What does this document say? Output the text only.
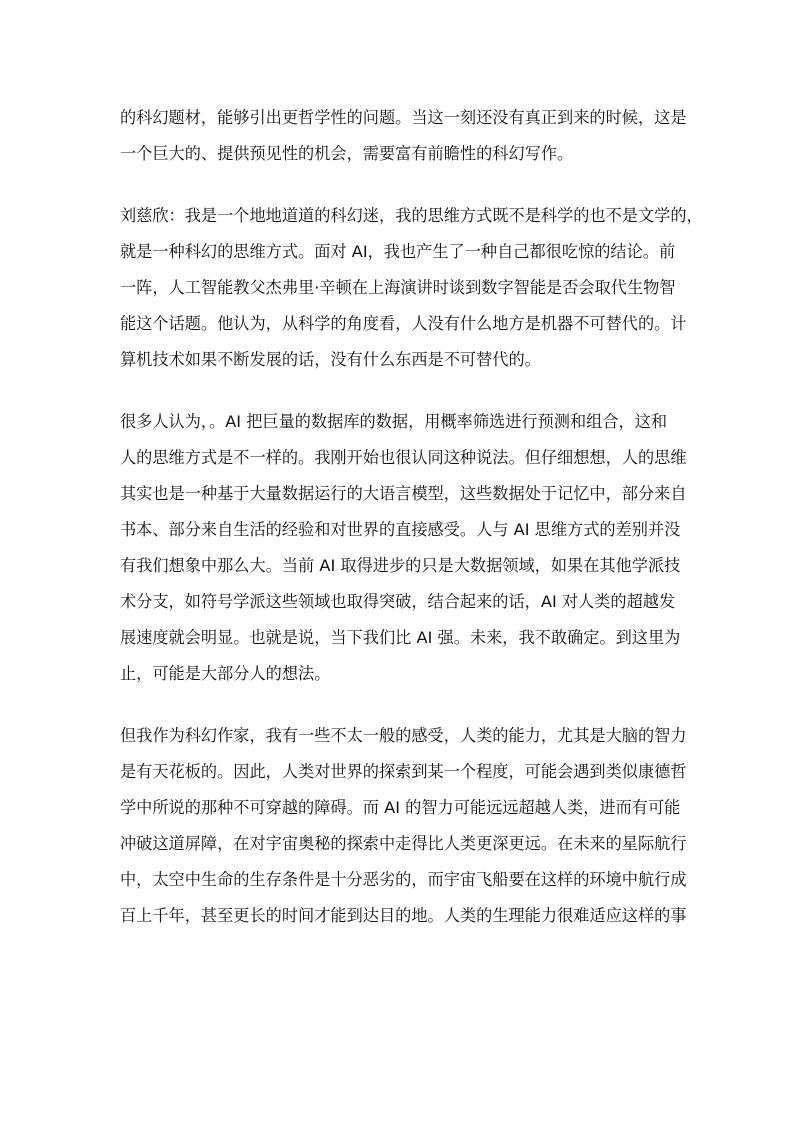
的科幻题材，能够引出更哲学性的问题。当这一刻还没有真正到来的时候，这是
一个巨大的、提供预见性的机会，需要富有前瞻性的科幻写作。
刘慈欣：我是一个地地道道的科幻迷，我的思维方式既不是科学的也不是文学的，
就是一种科幻的思维方式。面对 AI，我也产生了一种自己都很吃惊的结论。前
一阵，人工智能教父杰弗里·辛顿在上海演讲时谈到数字智能是否会取代生物智
能这个话题。他认为，从科学的角度看，人没有什么地方是机器不可替代的。计
算机技术如果不断发展的话，没有什么东西是不可替代的。
很多人认为，。AI 把巨量的数据库的数据，用概率筛选进行预测和组合，这和
人的思维方式是不一样的。我刚开始也很认同这种说法。但仔细想想，人的思维
其实也是一种基于大量数据运行的大语言模型，这些数据处于记忆中，部分来自
书本、部分来自生活的经验和对世界的直接感受。人与 AI 思维方式的差别并没
有我们想象中那么大。当前 AI 取得进步的只是大数据领域，如果在其他学派技
术分支，如符号学派这些领域也取得突破，结合起来的话，AI 对人类的超越发
展速度就会明显。也就是说，当下我们比 AI 强。未来，我不敢确定。到这里为
止，可能是大部分人的想法。
但我作为科幻作家，我有一些不太一般的感受，人类的能力，尤其是大脑的智力
是有天花板的。因此，人类对世界的探索到某一个程度，可能会遇到类似康德哲
学中所说的那种不可穿越的障碍。而 AI 的智力可能远远超越人类，进而有可能
冲破这道屏障，在对宇宙奥秘的探索中走得比人类更深更远。在未来的星际航行
中，太空中生命的生存条件是十分恶劣的，而宇宙飞船要在这样的环境中航行成
百上千年，甚至更长的时间才能到达目的地。人类的生理能力很难适应这样的事
